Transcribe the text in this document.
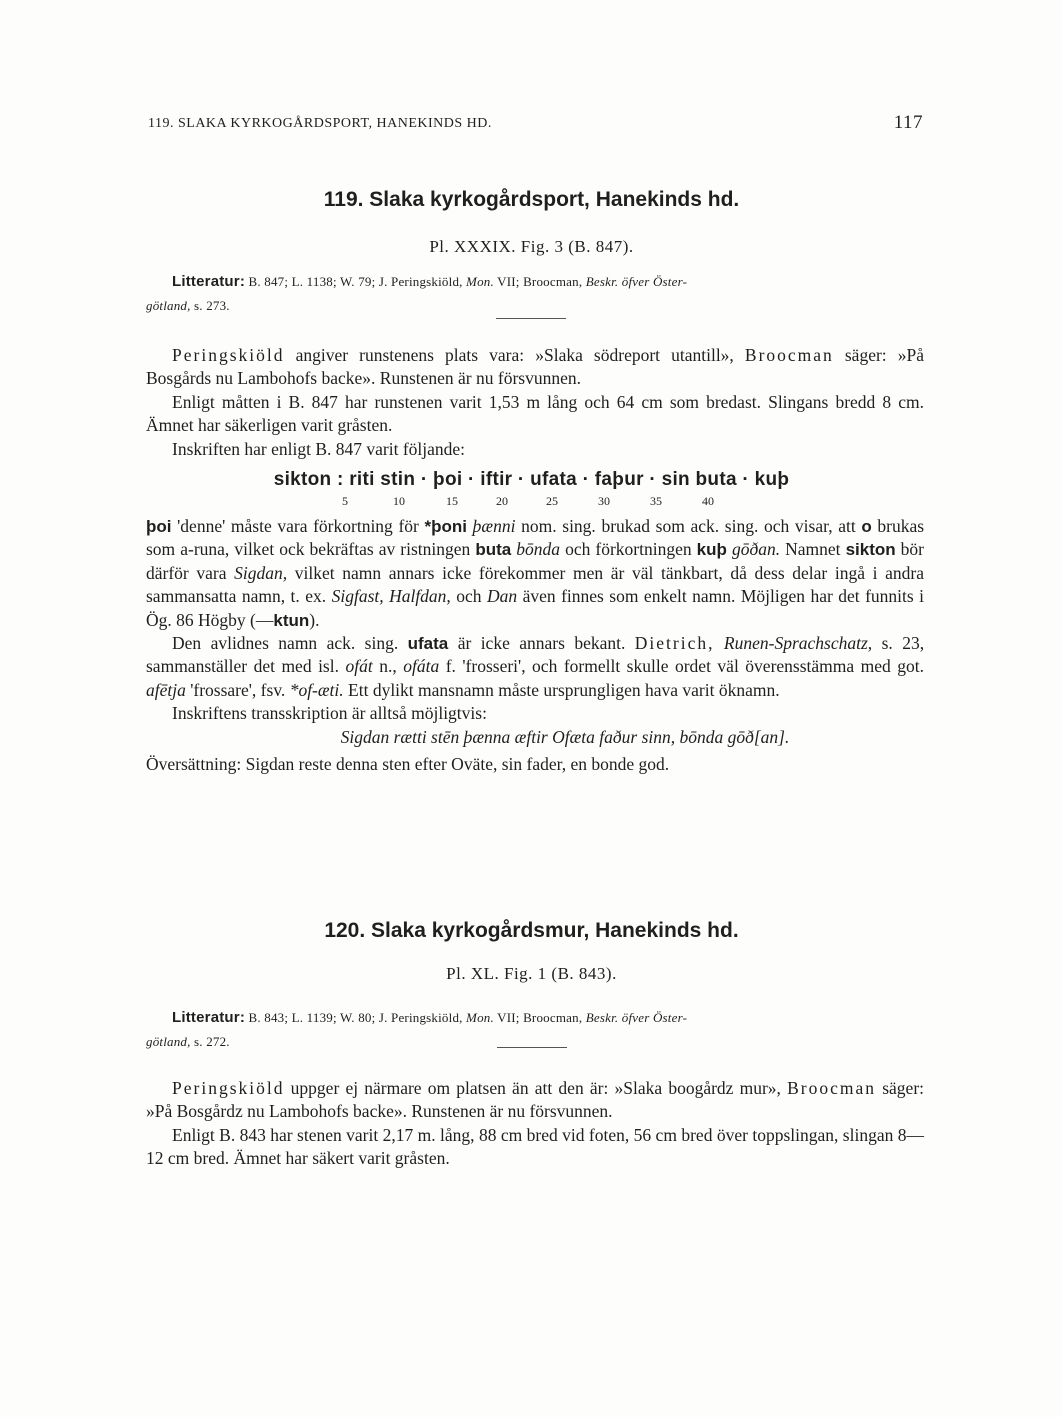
119. SLAKA KYRKOGÅRDSPORT, HANEKINDS HD.	117
119. Slaka kyrkogårdsport, Hanekinds hd.
Pl. XXXIX. Fig. 3 (B. 847).
Litteratur: B. 847; L. 1138; W. 79; J. Peringskiöld, Mon. VII; Broocman, Beskr. öfver Öster-
götland, s. 273.

Peringskiöld angiver runstenens plats vara: »Slaka södreport utantill», Broocman säger: »På Bosgårds nu Lambohofs backe». Runstenen är nu försvunnen.

Enligt måtten i B. 847 har runstenen varit 1,53 m lång och 64 cm som bredast. Slingans bredd 8 cm. Ämnet har säkerligen varit gråsten.

Inskriften har enligt B. 847 varit följande:

sikton : riti stin · þoi · iftir · ufata · faþur · sin buta · kuþ
5	10	15	20	25	30	35	40

þoi 'denne' måste vara förkortning för *þoni þænni nom. sing. brukad som ack. sing. och visar, att o brukas som a-runa, vilket ock bekräftas av ristningen buta bōnda och förkortningen kuþ gōðan. Namnet sikton bör därför vara Sigdan, vilket namn annars icke förekommer men är väl tänkbart, då dess delar ingå i andra sammansatta namn, t. ex. Sigfast, Halfdan, och Dan även finnes som enkelt namn. Möjligen har det funnits i Ög. 86 Högby (—ktun).

Den avlidnes namn ack. sing. ufata är icke annars bekant. Dietrich, Runen-Sprachschatz, s. 23, sammanställer det med isl. ofát n., ofáta f. 'frosseri', och formellt skulle ordet väl överensstämma med got. afētja 'frossare', fsv. *of-æti. Ett dylikt mansnamn måste ursprungligen hava varit öknamn.

Inskriftens transskription är alltså möjligtvis:

Sigdan rætti stēn þænna æftir Ofæta faður sinn, bōnda gōð[an].

Översättning: Sigdan reste denna sten efter Oväte, sin fader, en bonde god.

120. Slaka kyrkogårdsmur, Hanekinds hd.
Pl. XL. Fig. 1 (B. 843).
Litteratur: B. 843; L. 1139; W. 80; J. Peringskiöld, Mon. VII; Broocman, Beskr. öfver Öster-
götland, s. 272.

Peringskiöld uppger ej närmare om platsen än att den är: »Slaka boogårdz mur», Broocman säger: »På Bosgårdz nu Lambohofs backe». Runstenen är nu försvunnen.

Enligt B. 843 har stenen varit 2,17 m. lång, 88 cm bred vid foten, 56 cm bred över toppslingan, slingan 8—12 cm bred. Ämnet har säkert varit gråsten.
